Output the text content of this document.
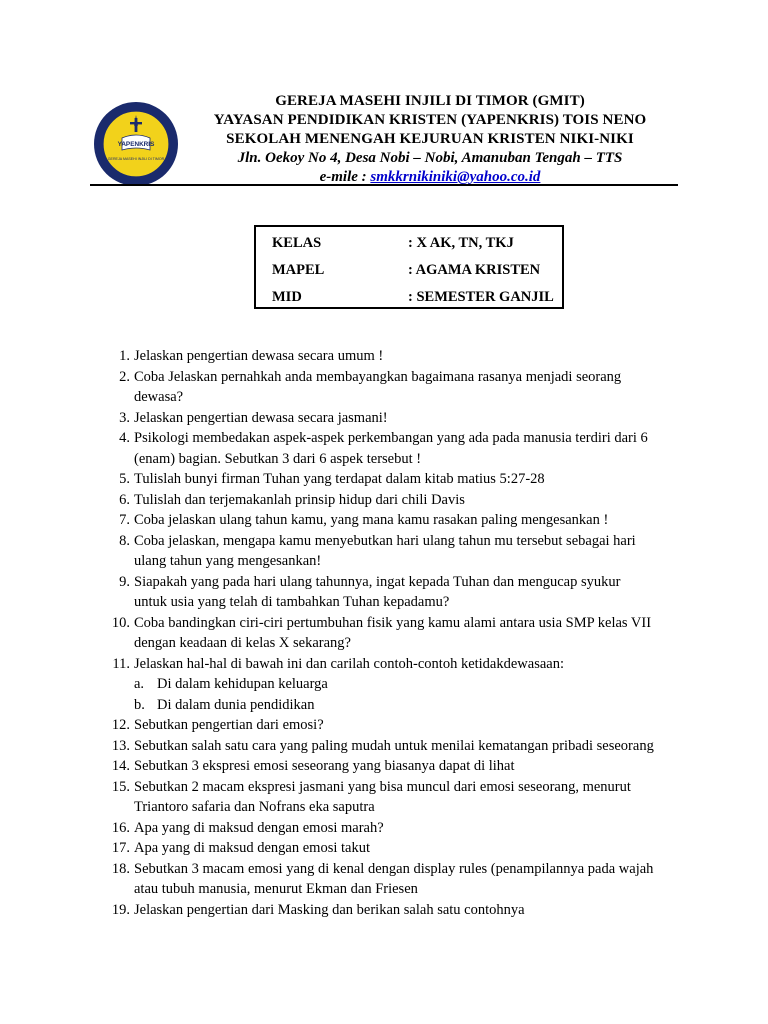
YAPENKRIS
GEREJA MASEHI INJILI DI TIMOR
GEREJA MASEHI INJILI DI TIMOR (GMIT)
YAYASAN PENDIDIKAN KRISTEN (YAPENKRIS) TOIS NENO
SEKOLAH MENENGAH KEJURUAN KRISTEN NIKI-NIKI
Jln. Oekoy No 4, Desa Nobi – Nobi, Amanuban Tengah – TTS
e-mile : smkkrnikiniki@yahoo.co.id
KELAS	: X AK, TN, TKJ
MAPEL	: AGAMA KRISTEN
MID	: SEMESTER GANJIL
1. Jelaskan pengertian dewasa secara umum !
2. Coba Jelaskan pernahkah anda membayangkan bagaimana rasanya menjadi seorang
dewasa?
3. Jelaskan pengertian dewasa secara jasmani!
4. Psikologi membedakan aspek-aspek perkembangan yang ada pada manusia terdiri dari 6
(enam) bagian. Sebutkan 3 dari 6 aspek tersebut !
5. Tulislah bunyi firman Tuhan yang terdapat dalam kitab matius 5:27-28
6. Tulislah dan terjemakanlah prinsip hidup dari chili Davis
7. Coba jelaskan ulang tahun kamu, yang mana kamu rasakan paling mengesankan !
8. Coba jelaskan, mengapa kamu menyebutkan hari ulang tahun mu tersebut sebagai hari
ulang tahun yang mengesankan!
9. Siapakah yang pada hari ulang tahunnya, ingat kepada Tuhan dan mengucap syukur
untuk usia yang telah di tambahkan Tuhan kepadamu?
10. Coba bandingkan ciri-ciri pertumbuhan fisik yang kamu alami antara usia SMP kelas VII
dengan keadaan di kelas X sekarang?
11. Jelaskan hal-hal di bawah ini dan carilah contoh-contoh ketidakdewasaan:
a. Di dalam kehidupan keluarga
b. Di dalam dunia pendidikan
12. Sebutkan pengertian dari emosi?
13. Sebutkan salah satu cara yang paling mudah untuk menilai kematangan pribadi seseorang
14. Sebutkan 3 ekspresi emosi seseorang yang biasanya dapat di lihat
15. Sebutkan 2 macam ekspresi jasmani yang bisa muncul dari emosi seseorang, menurut
Triantoro safaria dan Nofrans eka saputra
16. Apa yang di maksud dengan emosi marah?
17. Apa yang di maksud dengan emosi takut
18. Sebutkan 3 macam emosi yang di kenal dengan display rules (penampilannya pada wajah
atau tubuh manusia, menurut Ekman dan Friesen
19. Jelaskan pengertian dari Masking dan berikan salah satu contohnya
